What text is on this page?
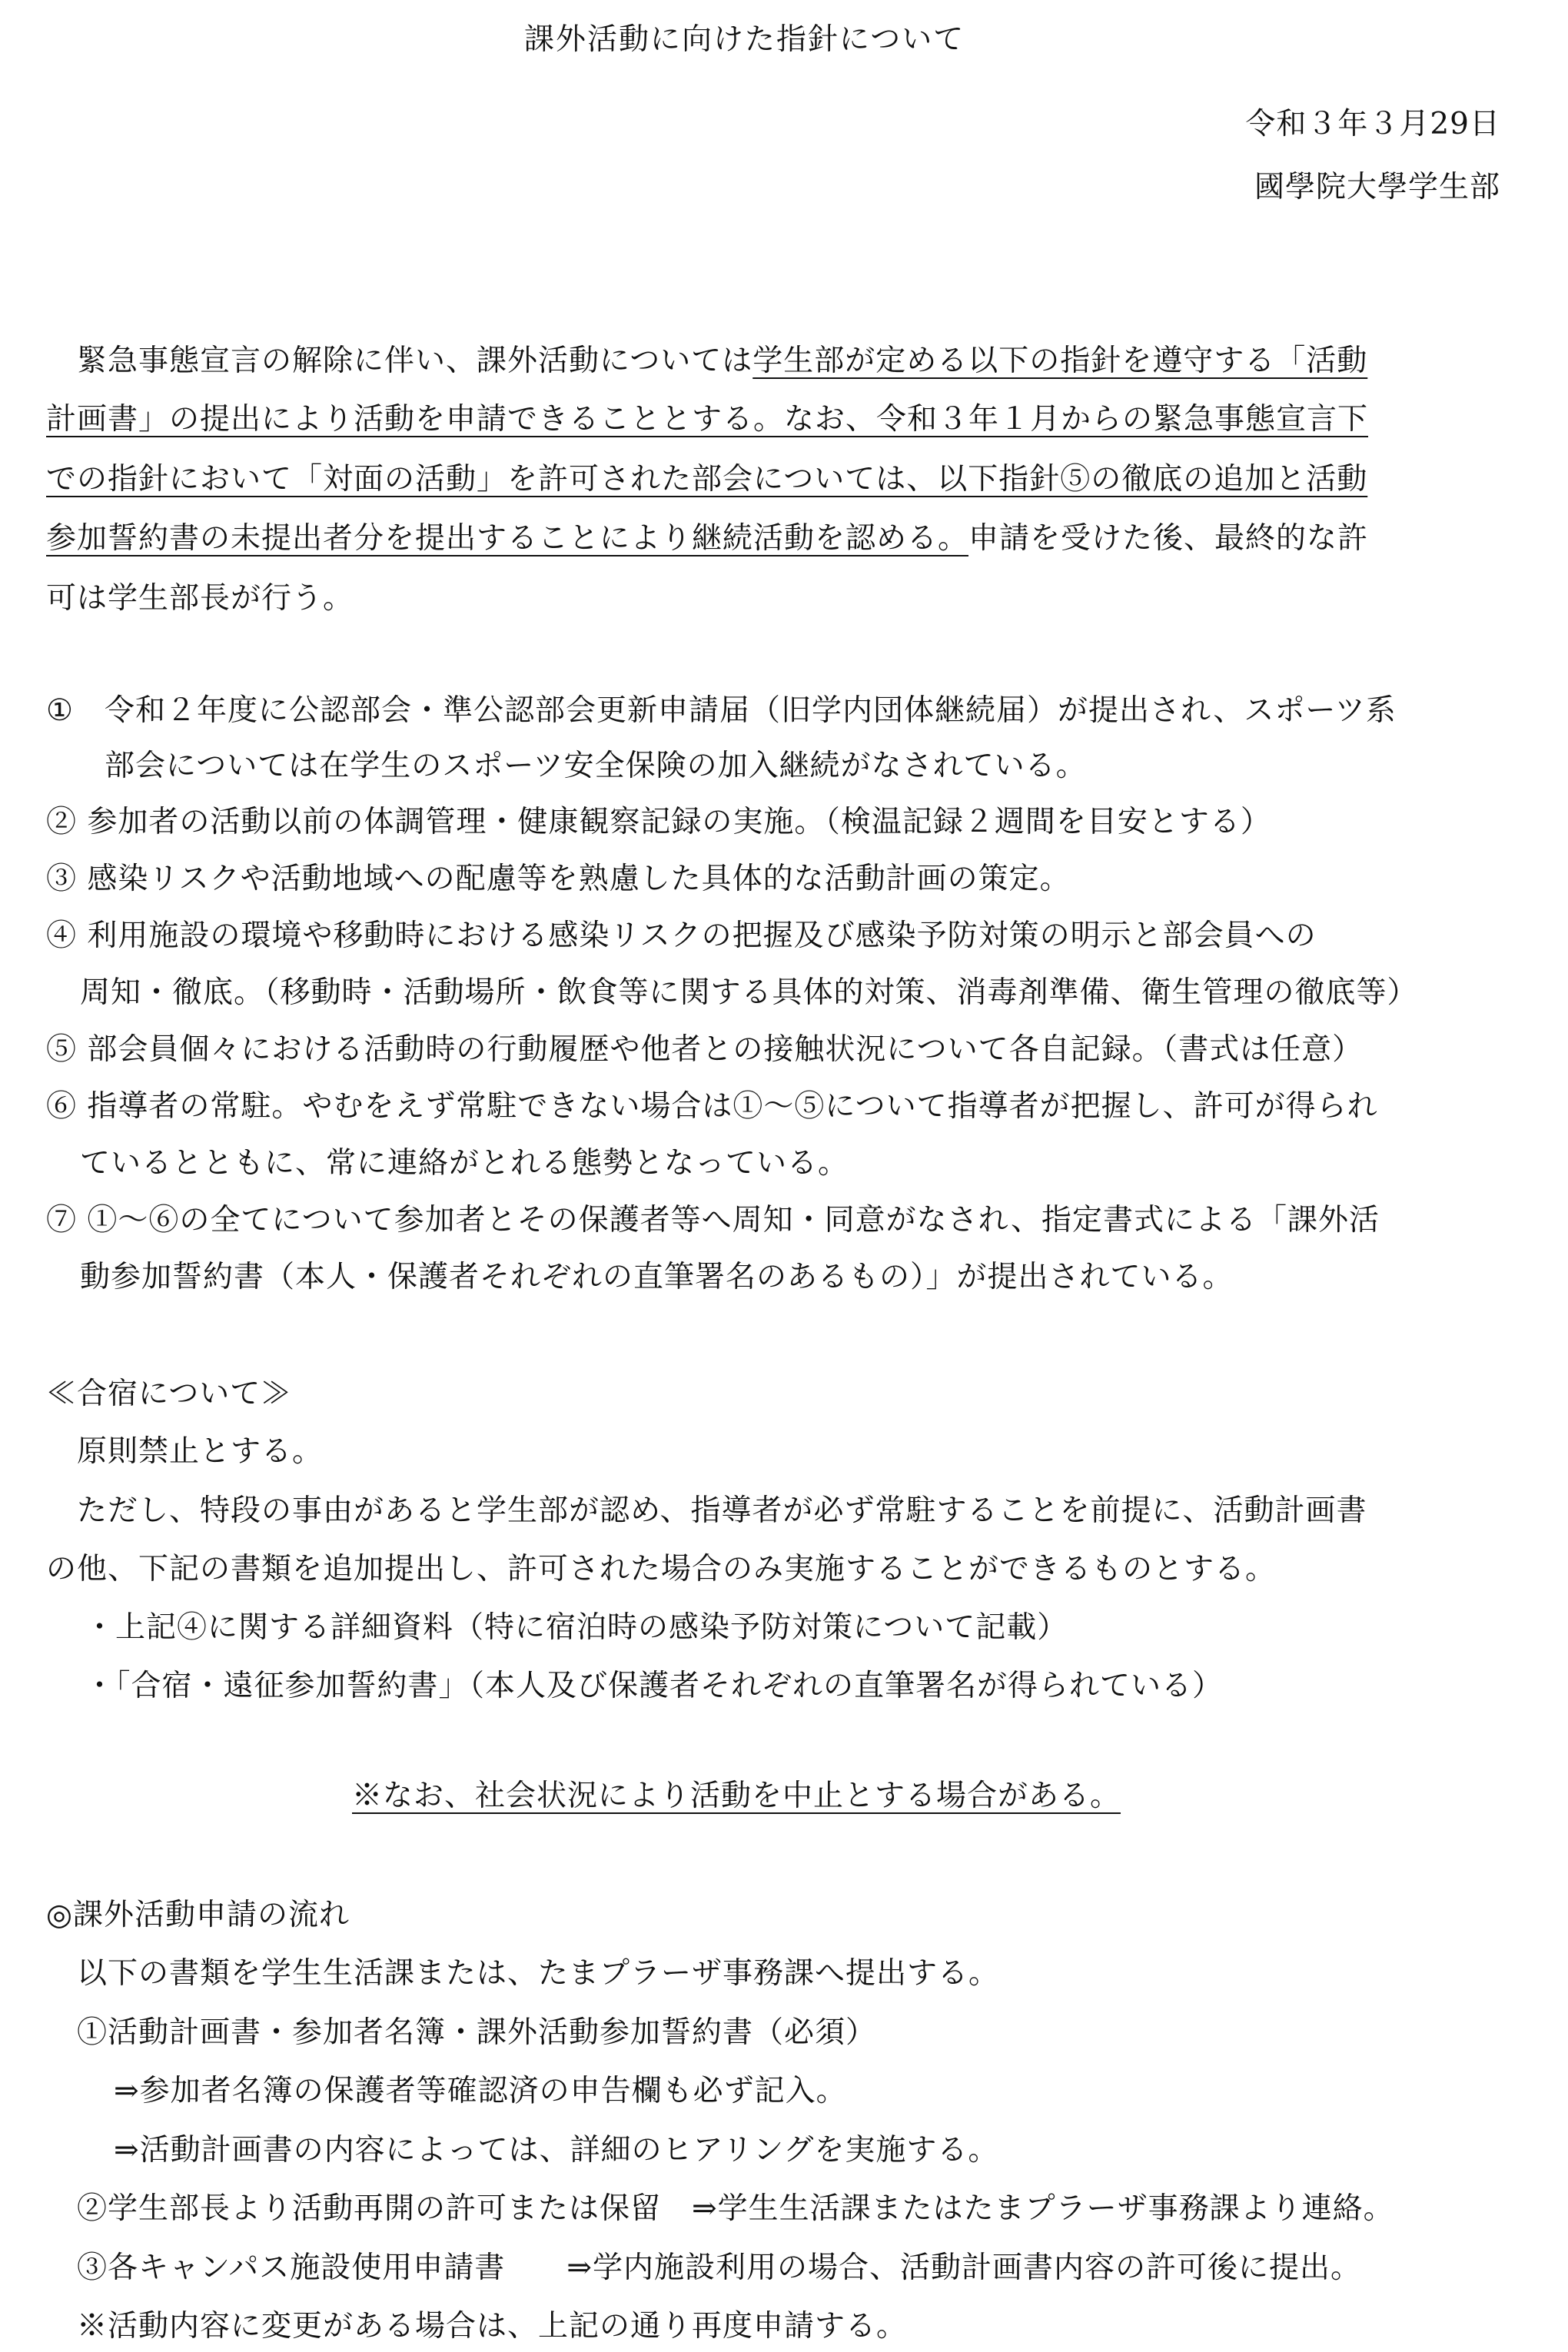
課外活動に向けた指針について
令和３年３月29日
國學院大學学生部
緊急事態宣言の解除に伴い、課外活動については学生部が定める以下の指針を遵守する「活動
計画書」の提出により活動を申請できることとする。なお、令和３年１月からの緊急事態宣言下
での指針において「対面の活動」を許可された部会については、以下指針⑤の徹底の追加と活動
参加誓約書の未提出者分を提出することにより継続活動を認める。申請を受けた後、最終的な許
可は学生部長が行う。
① 令和２年度に公認部会・準公認部会更新申請届（旧学内団体継続届）が提出され、スポーツ系
部会については在学生のスポーツ安全保険の加入継続がなされている。
② 参加者の活動以前の体調管理・健康観察記録の実施。（検温記録２週間を目安とする）
③ 感染リスクや活動地域への配慮等を熟慮した具体的な活動計画の策定。
④ 利用施設の環境や移動時における感染リスクの把握及び感染予防対策の明示と部会員への
周知・徹底。（移動時・活動場所・飲食等に関する具体的対策、消毒剤準備、衛生管理の徹底等）
⑤ 部会員個々における活動時の行動履歴や他者との接触状況について各自記録。（書式は任意）
⑥ 指導者の常駐。やむをえず常駐できない場合は①～⑤について指導者が把握し、許可が得られ
ているとともに、常に連絡がとれる態勢となっている。
⑦ ①～⑥の全てについて参加者とその保護者等へ周知・同意がなされ、指定書式による「課外活
動参加誓約書（本人・保護者それぞれの直筆署名のあるもの）」が提出されている。
≪合宿について≫
原則禁止とする。
ただし、特段の事由があると学生部が認め、指導者が必ず常駐することを前提に、活動計画書
の他、下記の書類を追加提出し、許可された場合のみ実施することができるものとする。
・上記④に関する詳細資料（特に宿泊時の感染予防対策について記載）
・「合宿・遠征参加誓約書」（本人及び保護者それぞれの直筆署名が得られている）
※なお、社会状況により活動を中止とする場合がある。
◎課外活動申請の流れ
以下の書類を学生生活課または、たまプラーザ事務課へ提出する。
①活動計画書・参加者名簿・課外活動参加誓約書（必須）
⇒参加者名簿の保護者等確認済の申告欄も必ず記入。
⇒活動計画書の内容によっては、詳細のヒアリングを実施する。
②学生部長より活動再開の許可または保留　⇒学生生活課またはたまプラーザ事務課より連絡。
③各キャンパス施設使用申請書　　⇒学内施設利用の場合、活動計画書内容の許可後に提出。
※活動内容に変更がある場合は、上記の通り再度申請する。
